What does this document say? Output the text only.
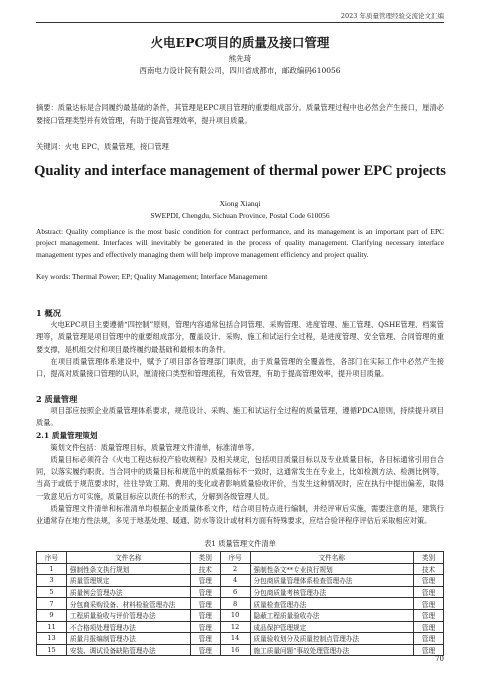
2023 年质量管理经验交流论文汇编
火电EPC项目的质量及接口管理
熊先琦
西南电力设计院有限公司，四川省成都市，邮政编码610056
摘要：质量达标是合同履约最基础的条件，其管理是EPC项目管理的重要组成部分。质量管理过程中也必然会产生接口，厘清必要接口管理类型并有效管理，有助于提高管理效率，提升项目质量。
关键词：火电 EPC，质量管理，接口管理
Quality and interface management of thermal power EPC projects
Xiong Xianqi
SWEPDI, Chengdu, Sichuan Province, Postal Code 610056
Abstract: Quality compliance is the most basic condition for contract performance, and its management is an important part of EPC project management. Interfaces will inevitably be generated in the process of quality management. Clarifying necessary interface management types and effectively managing them will help improve management efficiency and project quality.
Key words: Thermal Power; EP; Quality Management; Interface Management
1 概况
火电EPC项目主要遵循“四控制”原则，管理内容通常包括合同管理、采购管理、进度管理、施工管理、QSHE管理、档案管理等，质量管理是项目管理中的重要组成部分，覆盖设计、采购、施工和试运行全过程，是进度管理、安全管理、合同管理的重要支撑，是机组交付和项目最终履约最基础和最根本的条件。
在项目质量管理体系建设中，赋予了项目部各管理部门职责，由于质量管理的全覆盖性，各部门在实际工作中必然产生接口，提高对质量接口管理的认识，厘清接口类型和管理流程，有效管理，有助于提高管理效率，提升项目质量。
2 质量管理
项目部应按照企业质量管理体系要求，规范设计、采购、施工和试运行全过程的质量管理，遵循PDCA原则，持续提升项目质量。
2.1 质量管理策划
策划文件包括：质量管理目标，质量管理文件清单，标准清单等。
质量目标必须符合《火电工程达标投产验收规程》及相关规定，包括项目质量目标以及专业质量目标，各目标通常引用自合同，以落实履约职责。当合同中的质量目标和规范中的质量指标不一致时，这通常发生在专业上，比如检测方法、检测比例等，当高于或低于规范要求时，往往导致工期、费用的变化或者影响质量验收评价，当发生这种情况时，应在执行中提出偏差，取得一致意见后方可实施，质量目标应以责任书的形式，分解到各级管理人员。
质量管理文件清单和标准清单均根据企业质量体系文件，结合项目特点进行编制，并经评审后实施，需要注意的是，建筑行业通常存在地方性法规，多见于地基处理、暖通、防水等设计或材料方面有特殊要求，应结合验评程序评估后采取相应对策。
表1 质量管理文件清单
序号	文件名称	类别	序号	文件名称	类别
1	强制性条文执行规划	技术	2	强制性条文**专业执行规划	技术
3	质量管理规定	管理	4	分包商质量管理体系检查管理办法	管理
5	质量例会管理办法	管理	6	分包商质量考核管理办法	管理
7	分包商采购设备、材料检验管理办法	管理	8	质量检查管理办法	管理
9	工程质量验收与评价管理办法	管理	10	隐蔽工程质量验收办法	管理
11	不合格项处理管理办法	管理	12	成品保护管理规定	管理
13	质量月报编制管理办法	管理	14	质量验收划分及质量控制点管理办法	管理
15	安装、调试设备缺陷管理办法	管理	16	施工质量问题“事故处理管理办法	管理
70
